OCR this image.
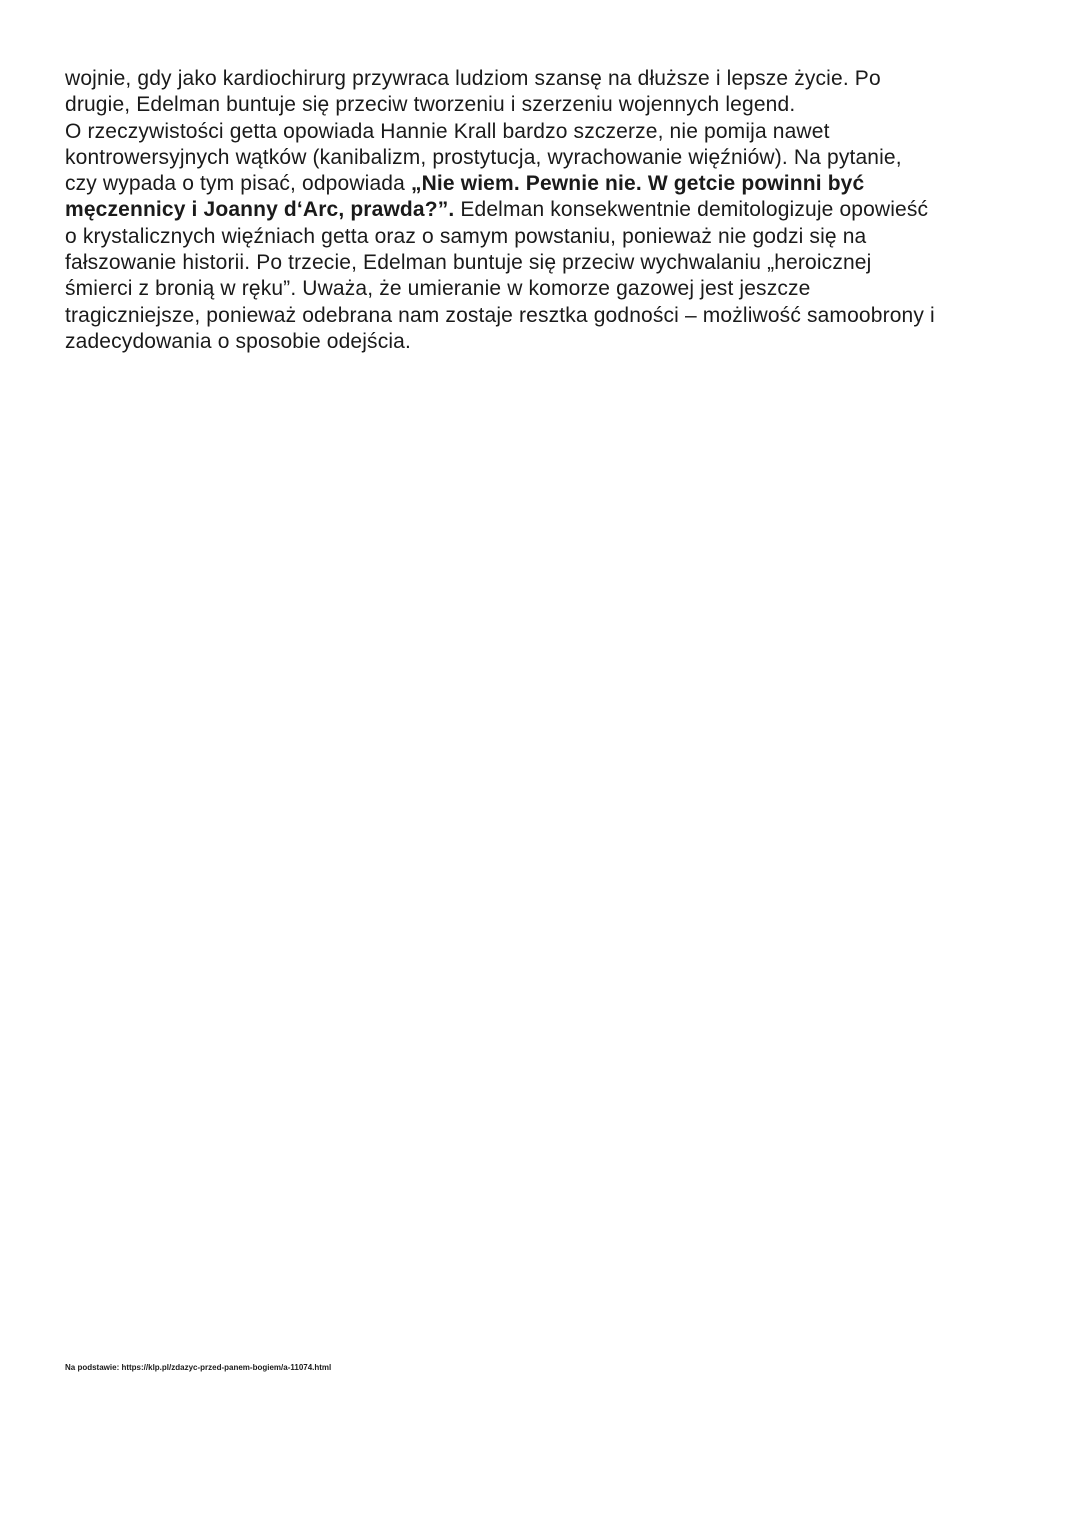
wojnie, gdy jako kardiochirurg przywraca ludziom szansę na dłuższe i lepsze życie. Po
drugie, Edelman buntuje się przeciw tworzeniu i szerzeniu wojennych legend.
O rzeczywistości getta opowiada Hannie Krall bardzo szczerze, nie pomija nawet
kontrowersyjnych wątków (kanibalizm, prostytucja, wyrachowanie więźniów). Na pytanie,
czy wypada o tym pisać, odpowiada „Nie wiem. Pewnie nie. W getcie powinni być
męczennicy i Joanny d‘Arc, prawda?”. Edelman konsekwentnie demitologizuje opowieść
o krystalicznych więźniach getta oraz o samym powstaniu, ponieważ nie godzi się na
fałszowanie historii. Po trzecie, Edelman buntuje się przeciw wychwalaniu „heroicznej
śmierci z bronią w ręku”. Uważa, że umieranie w komorze gazowej jest jeszcze
tragiczniejsze, ponieważ odebrana nam zostaje resztka godności – możliwość samoobrony i
zadecydowania o sposobie odejścia.
Na podstawie: https://klp.pl/zdazyc-przed-panem-bogiem/a-11074.html
